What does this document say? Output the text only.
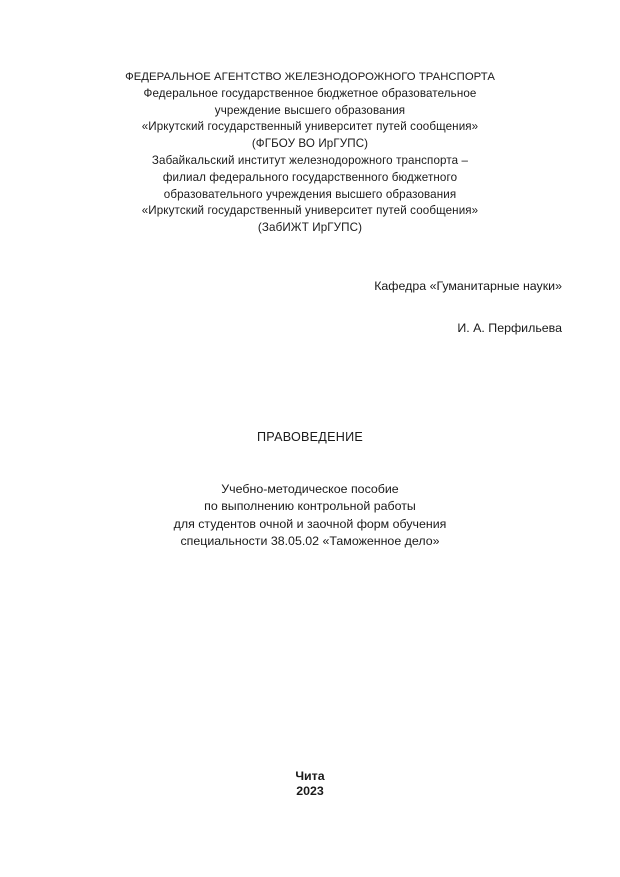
ФЕДЕРАЛЬНОЕ АГЕНТСТВО ЖЕЛЕЗНОДОРОЖНОГО ТРАНСПОРТА
Федеральное государственное бюджетное образовательное
учреждение высшего образования
«Иркутский государственный университет путей сообщения»
(ФГБОУ ВО ИрГУПС)
Забайкальский институт железнодорожного транспорта –
филиал федерального государственного бюджетного
образовательного учреждения высшего образования
«Иркутский государственный университет путей сообщения»
(ЗабИЖТ ИрГУПС)
Кафедра «Гуманитарные науки»
И. А. Перфильева
ПРАВОВЕДЕНИЕ
Учебно-методическое пособие
по выполнению контрольной работы
для студентов очной и заочной форм обучения
специальности 38.05.02 «Таможенное дело»
Чита
2023
